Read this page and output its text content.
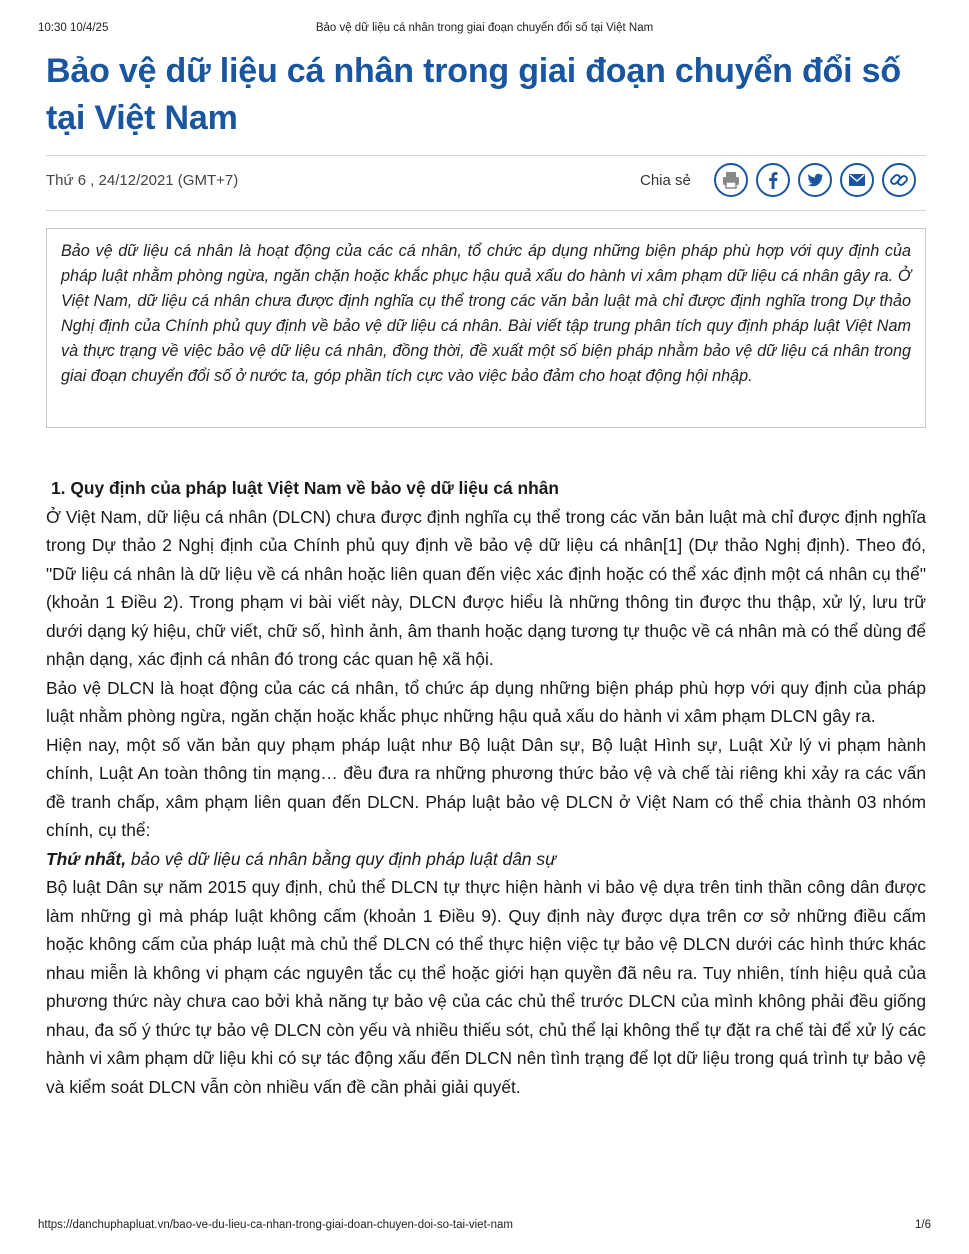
10:30 10/4/25	Bảo vệ dữ liệu cá nhân trong giai đoạn chuyển đổi số tại Việt Nam
Bảo vệ dữ liệu cá nhân trong giai đoạn chuyển đổi số tại Việt Nam
Thứ 6 , 24/12/2021 (GMT+7)	Chia sẻ
Bảo vệ dữ liệu cá nhân là hoạt động của các cá nhân, tổ chức áp dụng những biện pháp phù hợp với quy định của pháp luật nhằm phòng ngừa, ngăn chặn hoặc khắc phục hậu quả xấu do hành vi xâm phạm dữ liệu cá nhân gây ra. Ở Việt Nam, dữ liệu cá nhân chưa được định nghĩa cụ thể trong các văn bản luật mà chỉ được định nghĩa trong Dự thảo Nghị định của Chính phủ quy định về bảo vệ dữ liệu cá nhân. Bài viết tập trung phân tích quy định pháp luật Việt Nam và thực trạng về việc bảo vệ dữ liệu cá nhân, đồng thời, đề xuất một số biện pháp nhằm bảo vệ dữ liệu cá nhân trong giai đoạn chuyển đổi số ở nước ta, góp phần tích cực vào việc bảo đảm cho hoạt động hội nhập.

1. Quy định của pháp luật Việt Nam về bảo vệ dữ liệu cá nhân

Ở Việt Nam, dữ liệu cá nhân (DLCN) chưa được định nghĩa cụ thể trong các văn bản luật mà chỉ được định nghĩa trong Dự thảo 2 Nghị định của Chính phủ quy định về bảo vệ dữ liệu cá nhân[1] (Dự thảo Nghị định). Theo đó, "Dữ liệu cá nhân là dữ liệu về cá nhân hoặc liên quan đến việc xác định hoặc có thể xác định một cá nhân cụ thể" (khoản 1 Điều 2). Trong phạm vi bài viết này, DLCN được hiểu là những thông tin được thu thập, xử lý, lưu trữ dưới dạng ký hiệu, chữ viết, chữ số, hình ảnh, âm thanh hoặc dạng tương tự thuộc về cá nhân mà có thể dùng để nhận dạng, xác định cá nhân đó trong các quan hệ xã hội.

Bảo vệ DLCN là hoạt động của các cá nhân, tổ chức áp dụng những biện pháp phù hợp với quy định của pháp luật nhằm phòng ngừa, ngăn chặn hoặc khắc phục những hậu quả xấu do hành vi xâm phạm DLCN gây ra.

Hiện nay, một số văn bản quy phạm pháp luật như Bộ luật Dân sự, Bộ luật Hình sự, Luật Xử lý vi phạm hành chính, Luật An toàn thông tin mạng… đều đưa ra những phương thức bảo vệ và chế tài riêng khi xảy ra các vấn đề tranh chấp, xâm phạm liên quan đến DLCN. Pháp luật bảo vệ DLCN ở Việt Nam có thể chia thành 03 nhóm chính, cụ thể:

Thứ nhất, bảo vệ dữ liệu cá nhân bằng quy định pháp luật dân sự

Bộ luật Dân sự năm 2015 quy định, chủ thể DLCN tự thực hiện hành vi bảo vệ dựa trên tinh thần công dân được làm những gì mà pháp luật không cấm (khoản 1 Điều 9). Quy định này được dựa trên cơ sở những điều cấm hoặc không cấm của pháp luật mà chủ thể DLCN có thể thực hiện việc tự bảo vệ DLCN dưới các hình thức khác nhau miễn là không vi phạm các nguyên tắc cụ thể hoặc giới hạn quyền đã nêu ra. Tuy nhiên, tính hiệu quả của phương thức này chưa cao bởi khả năng tự bảo vệ của các chủ thể trước DLCN của mình không phải đều giống nhau, đa số ý thức tự bảo vệ DLCN còn yếu và nhiều thiếu sót, chủ thể lại không thể tự đặt ra chế tài để xử lý các hành vi xâm phạm dữ liệu khi có sự tác động xấu đến DLCN nên tình trạng để lọt dữ liệu trong quá trình tự bảo vệ và kiểm soát DLCN vẫn còn nhiều vấn đề cần phải giải quyết.

https://danchuphapluat.vn/bao-ve-du-lieu-ca-nhan-trong-giai-doan-chuyen-doi-so-tai-viet-nam	1/6
